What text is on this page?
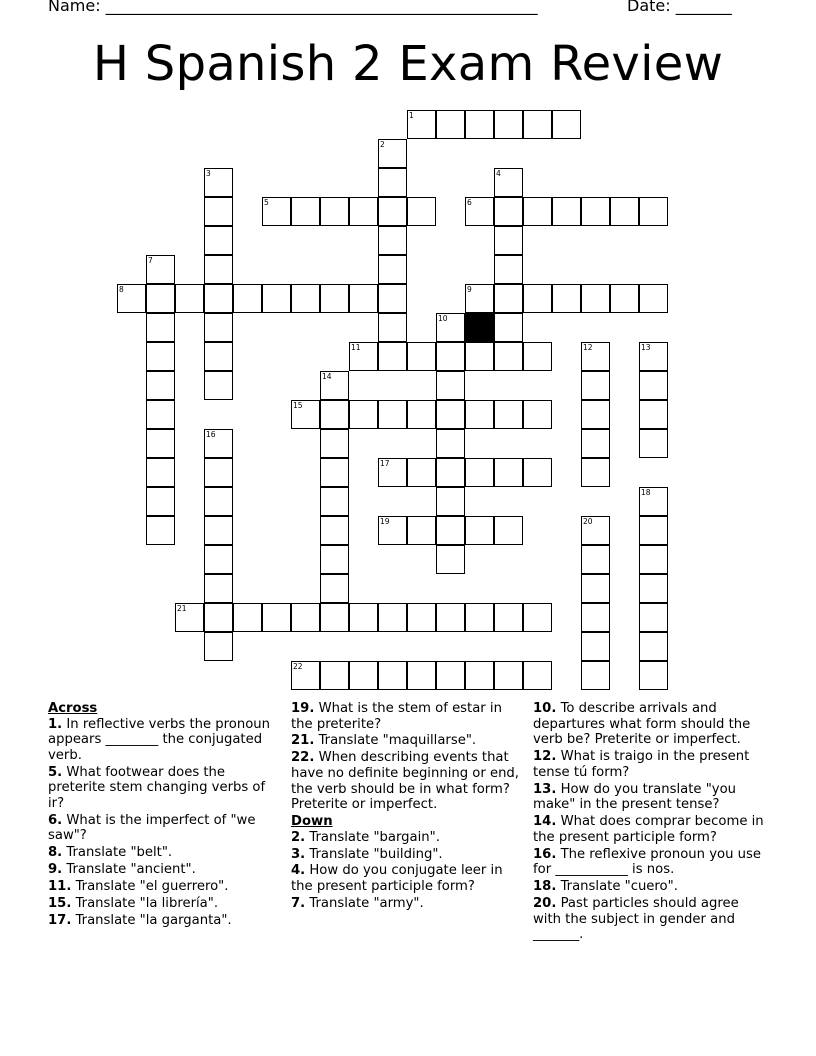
Name: ______________________________________________________	Date: _______
H Spanish 2 Exam Review
1
2
3	4
5	6
7
8	9
10
11	12	13
14
15
16
17
18
19	20
21
22
Across
1. In reflective verbs the pronoun appears ________ the conjugated verb.
5. What footwear does the preterite stem changing verbs of ir?
6. What is the imperfect of "we saw"?
8. Translate "belt".
9. Translate "ancient".
11. Translate "el guerrero".
15. Translate "la librería".
17. Translate "la garganta".
19. What is the stem of estar in the preterite?
21. Translate "maquillarse".
22. When describing events that have no definite beginning or end, the verb should be in what form? Preterite or imperfect.
Down
2. Translate "bargain".
3. Translate "building".
4. How do you conjugate leer in the present participle form?
7. Translate "army".
10. To describe arrivals and departures what form should the verb be? Preterite or imperfect.
12. What is traigo in the present tense tú form?
13. How do you translate "you make" in the present tense?
14. What does comprar become in the present participle form?
16. The reflexive pronoun you use for ___________ is nos.
18. Translate "cuero".
20. Past particles should agree with the subject in gender and _______.
